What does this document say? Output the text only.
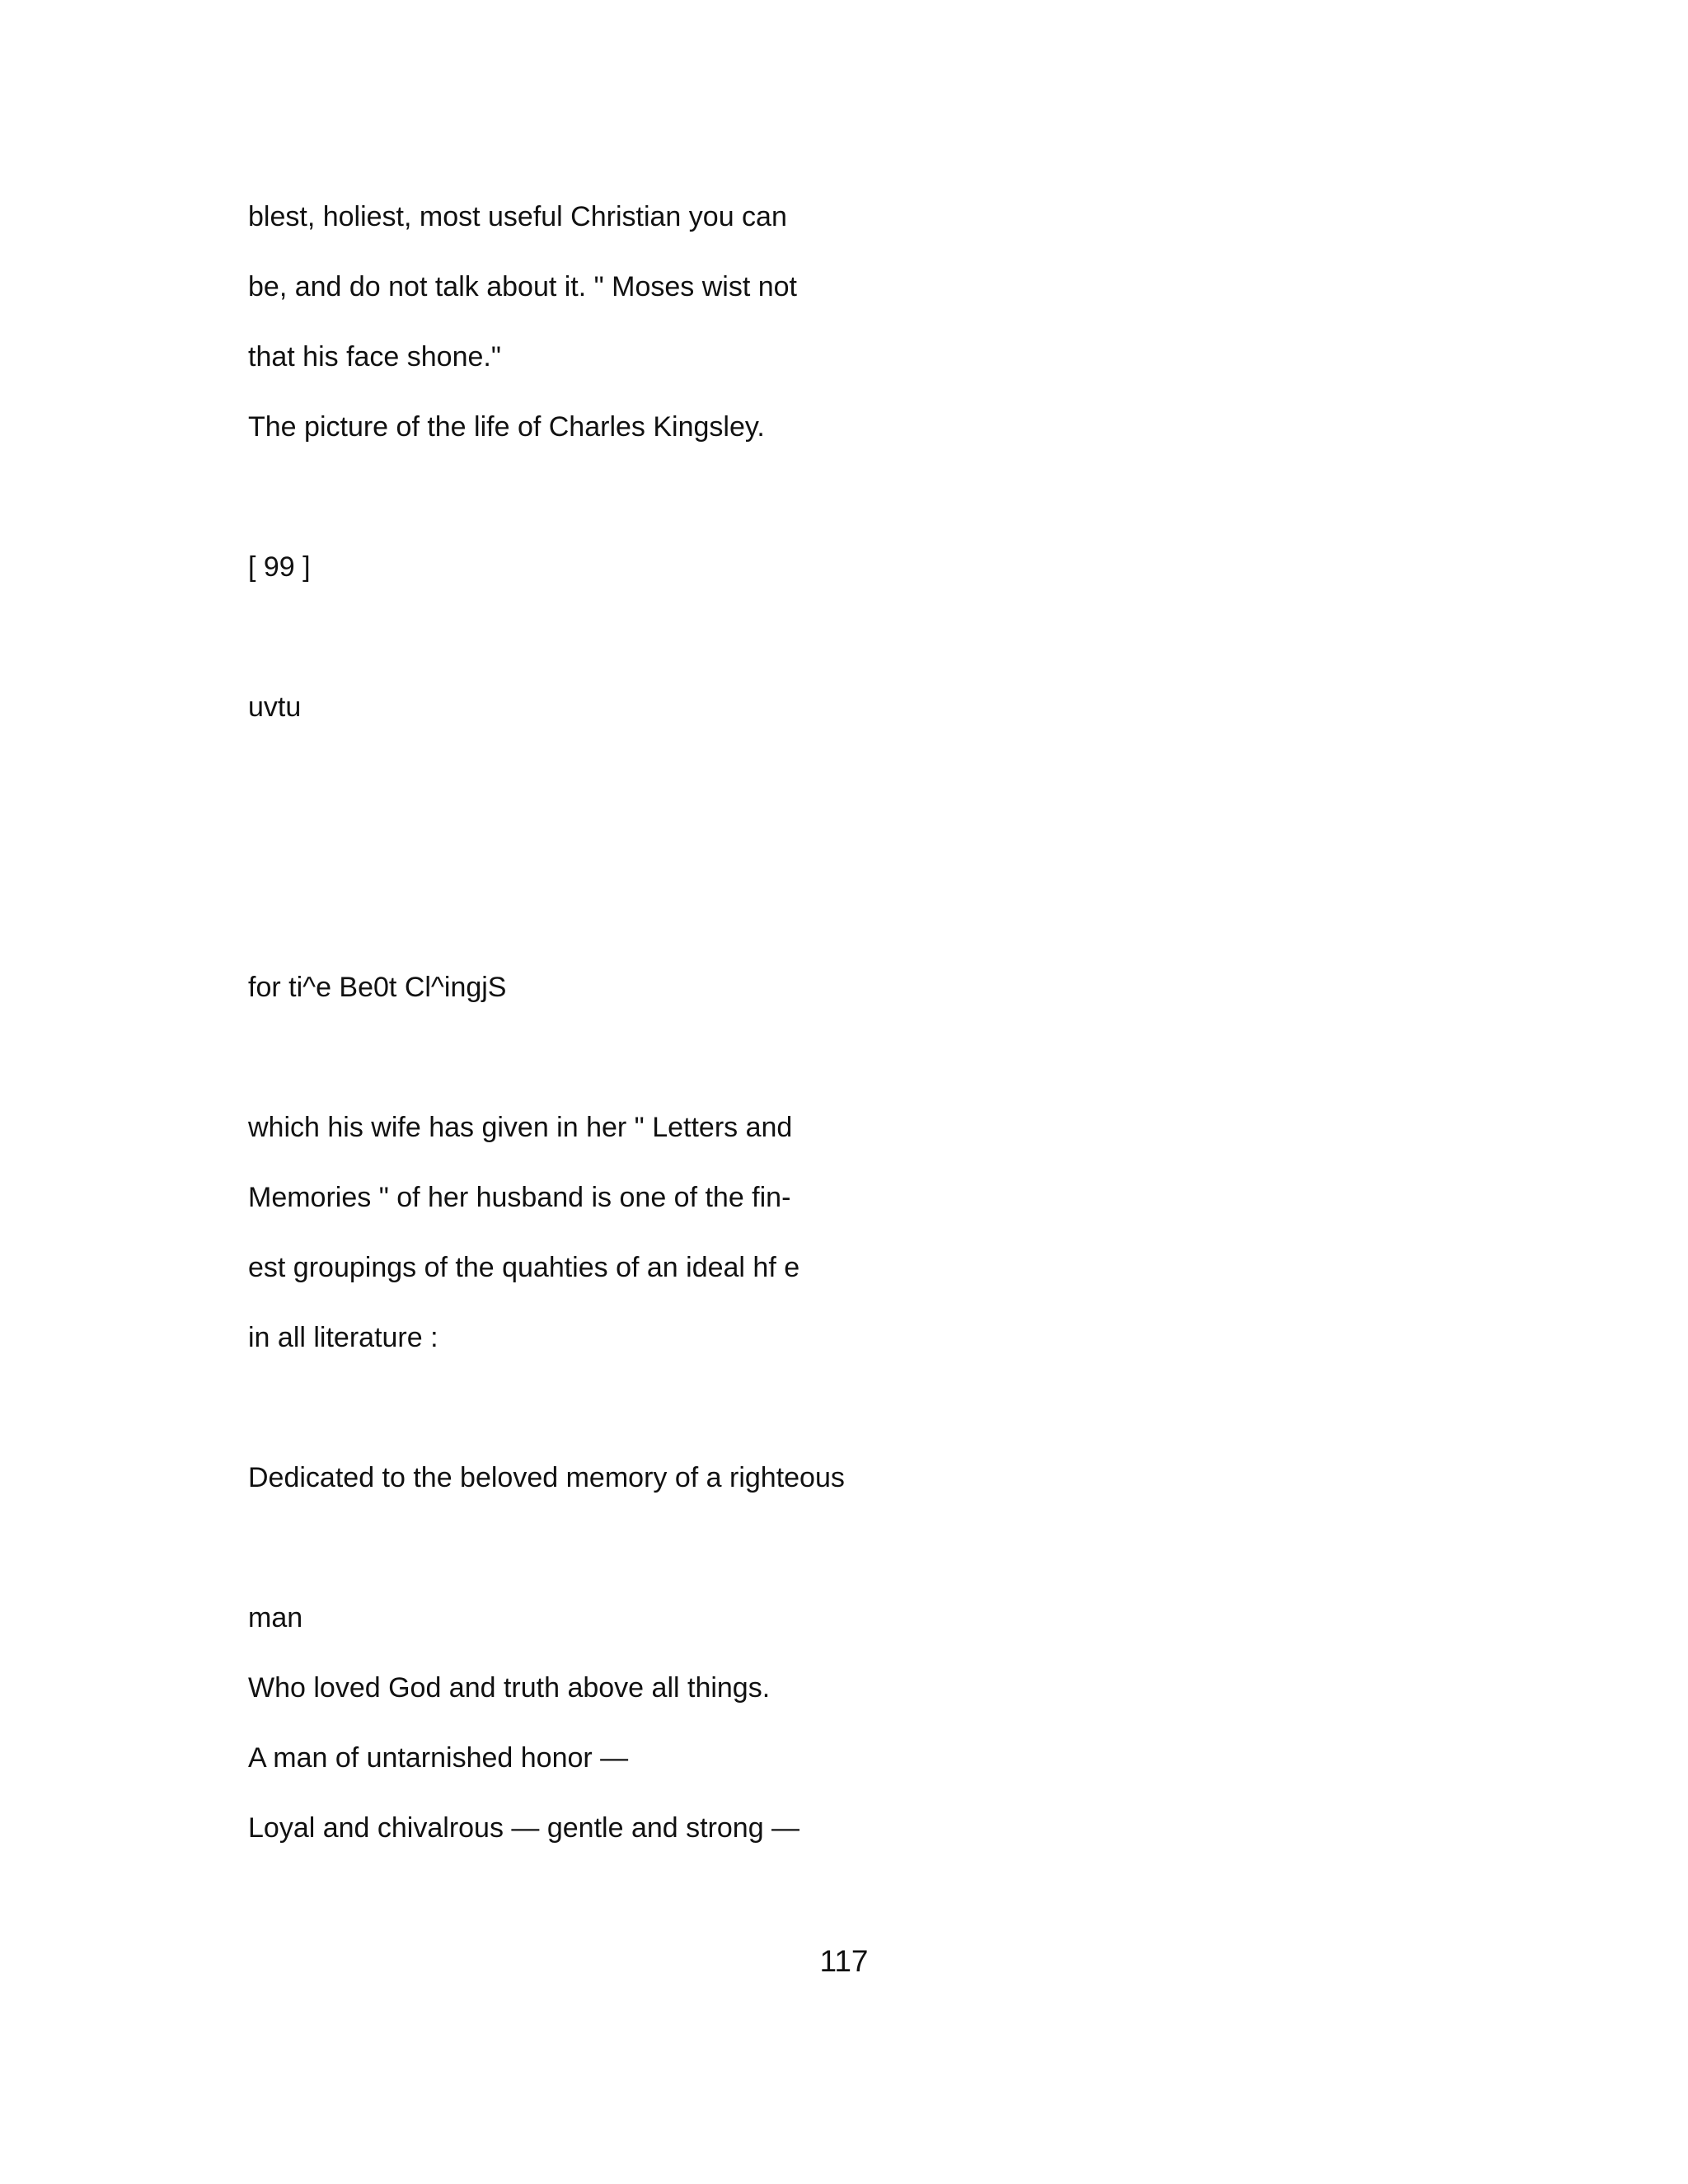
blest, holiest, most useful Christian you can

be, and do not talk about it. " Moses wist not

that his face shone."

The picture of the life of Charles Kingsley.

[ 99 ]

uvtu

for ti^e Be0t Cl^ingjS

which his wife has given in her " Letters and

Memories " of her husband is one of the fin-

est groupings of the quahties of an ideal hf e

in all literature :

Dedicated to the beloved memory of a righteous

man

Who loved God and truth above all things.

A man of untarnished honor —

Loyal and chivalrous — gentle and strong —

117
